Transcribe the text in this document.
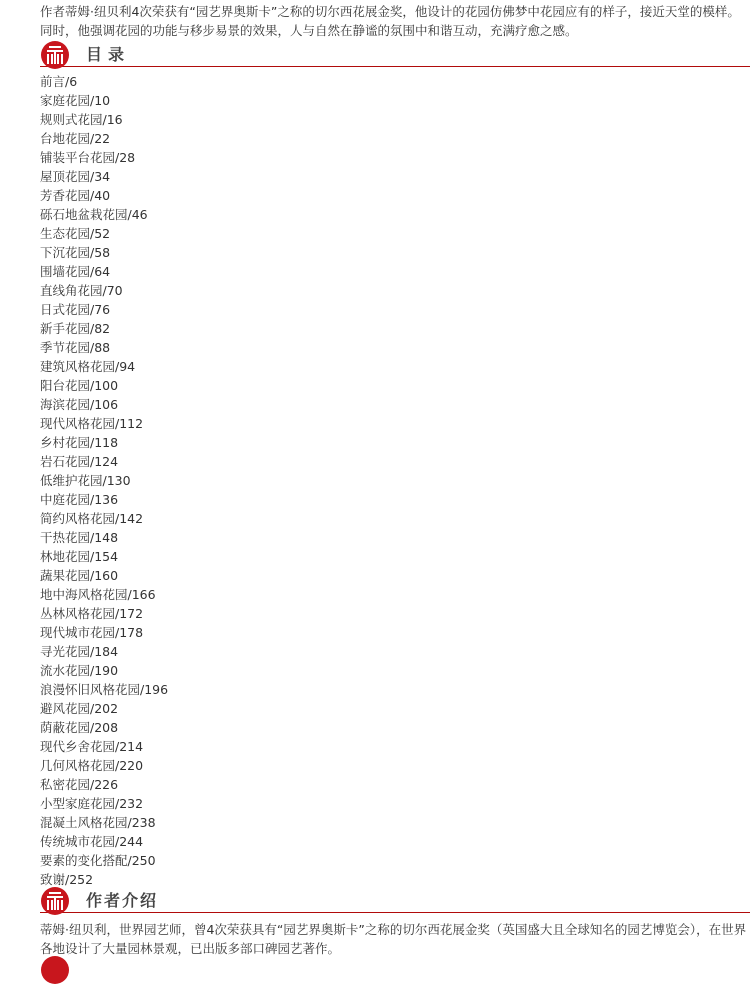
作者蒂姆·纽贝利4次荣获有“园艺界奥斯卡”之称的切尔西花展金奖，他设计的花园仿佛梦中花园应有的样子，接近天堂的模样。同时，他强调花园的功能与移步易景的效果，人与自然在静谧的氛围中和谐互动，充满疗愈之感。
目录
前言/6
家庭花园/10
规则式花园/16
台地花园/22
铺装平台花园/28
屋顶花园/34
芳香花园/40
砾石地盆栽花园/46
生态花园/52
下沉花园/58
围墙花园/64
直线角花园/70
日式花园/76
新手花园/82
季节花园/88
建筑风格花园/94
阳台花园/100
海滨花园/106
现代风格花园/112
乡村花园/118
岩石花园/124
低维护花园/130
中庭花园/136
简约风格花园/142
干热花园/148
林地花园/154
蔬果花园/160
地中海风格花园/166
丛林风格花园/172
现代城市花园/178
寻光花园/184
流水花园/190
浪漫怀旧风格花园/196
避风花园/202
荫蔽花园/208
现代乡舍花园/214
几何风格花园/220
私密花园/226
小型家庭花园/232
混凝土风格花园/238
传统城市花园/244
要素的变化搭配/250
致谢/252
作者介绍
蒂姆·纽贝利，世界园艺师，曾4次荣获具有“园艺界奥斯卡”之称的切尔西花展金奖（英国盛大且全球知名的园艺博览会），在世界各地设计了大量园林景观，已出版多部口碑园艺著作。
